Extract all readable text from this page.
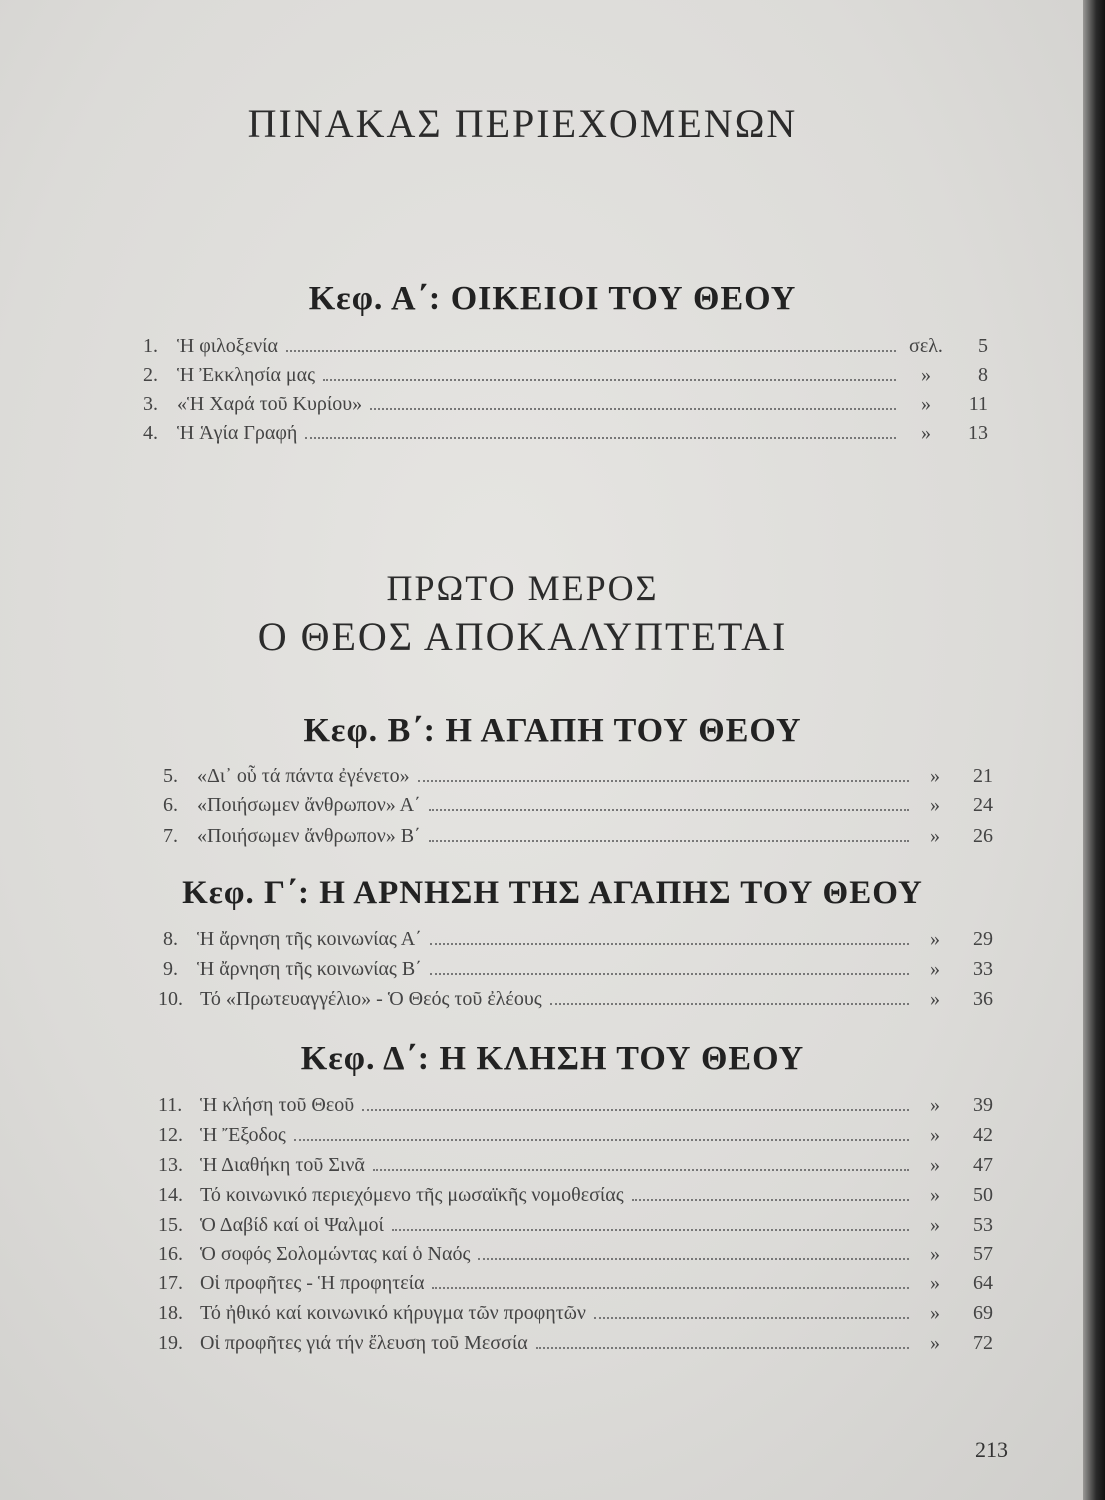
ΠΙΝΑΚΑΣ ΠΕΡΙΕΧΟΜΕΝΩΝ
Κεφ. Α΄: ΟΙΚΕΙΟΙ ΤΟΥ ΘΕΟΥ
1. Ἡ φιλοξενία	σελ.	5
2. Ἡ Ἐκκλησία μας	»	8
3. «Ἡ Χαρά τοῦ Κυρίου»	»	11
4. Ἡ Ἁγία Γραφή	»	13
ΠΡΩΤΟ ΜΕΡΟΣ
Ο ΘΕΟΣ ΑΠΟΚΑΛΥΠΤΕΤΑΙ
Κεφ. Β΄: Η ΑΓΑΠΗ ΤΟΥ ΘΕΟΥ
5. «Δι᾽ οὗ τά πάντα ἐγένετο»	»	21
6. «Ποιήσωμεν ἄνθρωπον» Α΄	»	24
7. «Ποιήσωμεν ἄνθρωπον» Β΄	»	26
Κεφ. Γ΄: Η ΑΡΝΗΣΗ ΤΗΣ ΑΓΑΠΗΣ ΤΟΥ ΘΕΟΥ
8. Ἡ ἄρνηση τῆς κοινωνίας Α΄	»	29
9. Ἡ ἄρνηση τῆς κοινωνίας Β΄	»	33
10. Τό «Πρωτευαγγέλιο» - Ὁ Θεός τοῦ ἐλέους	»	36
Κεφ. Δ΄: Η ΚΛΗΣΗ ΤΟΥ ΘΕΟΥ
11. Ἡ κλήση τοῦ Θεοῦ	»	39
12. Ἡ Ἔξοδος	»	42
13. Ἡ Διαθήκη τοῦ Σινᾶ	»	47
14. Τό κοινωνικό περιεχόμενο τῆς μωσαϊκῆς νομοθεσίας	»	50
15. Ὁ Δαβίδ καί οἱ Ψαλμοί	»	53
16. Ὁ σοφός Σολομώντας καί ὁ Ναός	»	57
17. Οἱ προφῆτες - Ἡ προφητεία	»	64
18. Τό ἠθικό καί κοινωνικό κήρυγμα τῶν προφητῶν	»	69
19. Οἱ προφῆτες γιά τήν ἔλευση τοῦ Μεσσία	»	72
213
